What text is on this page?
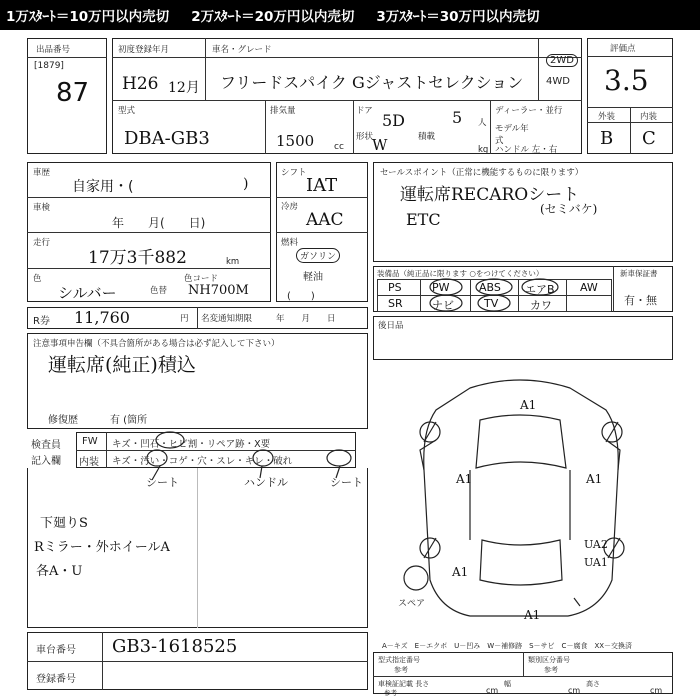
1万ｽﾀｰﾄ＝10万円以内売切 2万ｽﾀｰﾄ＝20万円以内売切 3万ｽﾀｰﾄ＝30万円以内売切
出品番号
[1879]
87
初度登録年月
H26 12月
車名・グレード
フリードスパイク Gジャストセレクション
2WD
4WD
型式
DBA-GB3
排気量
1500 cc
ドア 5D
形状
W
5 人
積載
kg
ディーラー・並行
モデル年式
ハンドル 左・右
評価点
3.5
外装	内装
B C
車歴
自家用・(	)
車検
年　　月(　　日)
走行
17万3千882	km
色
シルバー	色替
色コード
NH700M
シフト
IAT
冷房
AAC
燃料
ガソリン
軽油
(　　)
セールスポイント（正常に機能するものに限ります）
運転席RECAROシート
(セミバケ)
ETC
装備品（純正品に限ります ○をつけてください）	新車保証書
有・無
PS	PW	ABS エアB AW
SR	ナビ	TV	カワ
R券 11,760	円 名変通知期限	年　　月　　日
後日品
注意事項申告欄（不具合箇所がある場合は必ず記入して下さい）
運転席(純正)積込
修復歴	有 (箇所
検査員
記入欄
FW キズ・凹石・ヒビ割・リペア跡・X要
内装 キズ・汚い・コゲ・穴・スレ・キレ・破れ
シート	ハンドル	シート
下廻りS
Rミラー・外ホイールA
各A・U
A1
A1	A1
A1
A1
UA2
UA1
スペア
A－キズ　E－エクボ　U－凹み　W－補修跡　S－サビ　C－腐食　XX－交換済
車台番号 GB3-1618525
登録番号
型式指定番号
参考
類別区分番号
参考
車検証記載 長さ
参考	cm
幅
cm
高さ
cm
